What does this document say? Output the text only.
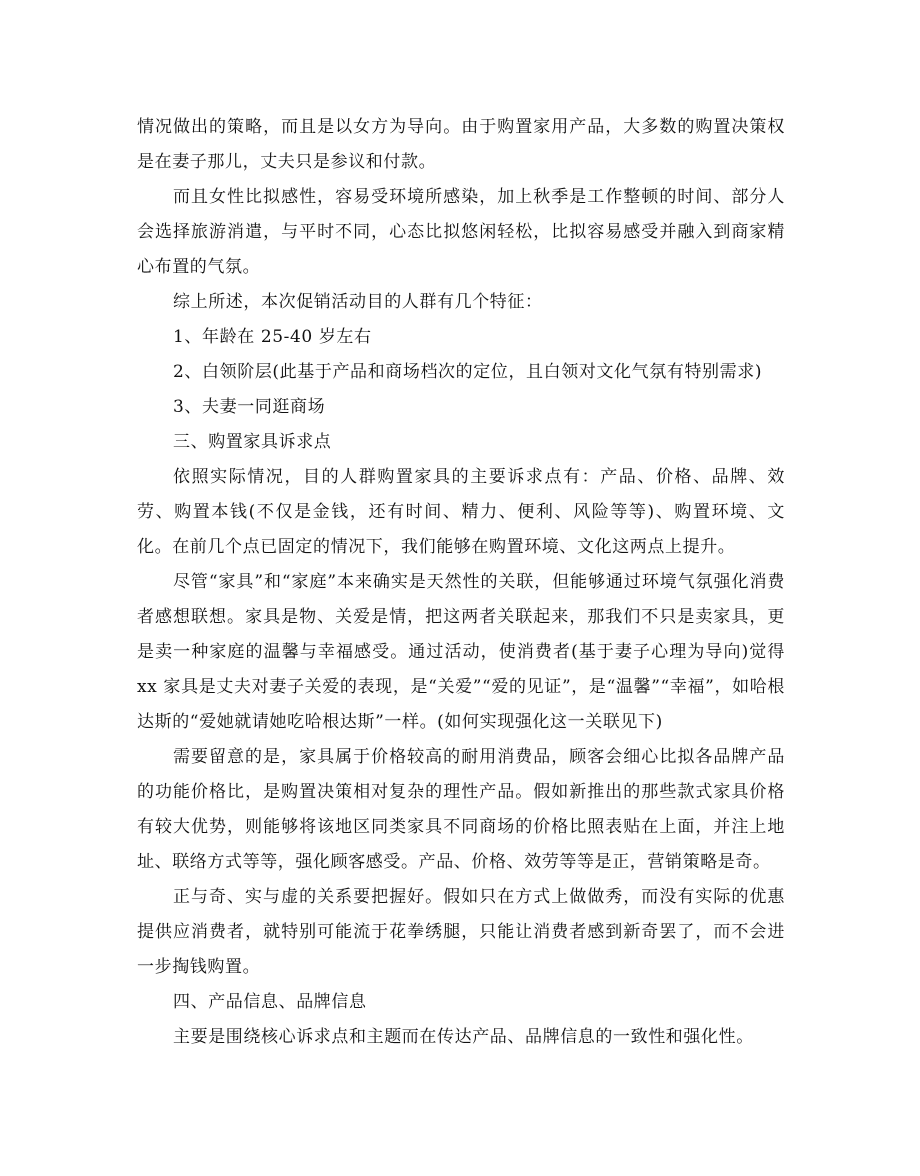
情况做出的策略，而且是以女方为导向。由于购置家用产品，大多数的购置决策权是在妻子那儿，丈夫只是参议和付款。

而且女性比拟感性，容易受环境所感染，加上秋季是工作整顿的时间、部分人会选择旅游消遣，与平时不同，心态比拟悠闲轻松，比拟容易感受并融入到商家精心布置的气氛。

综上所述，本次促销活动目的人群有几个特征：

1、年龄在 25-40 岁左右

2、白领阶层(此基于产品和商场档次的定位，且白领对文化气氛有特别需求)

3、夫妻一同逛商场

三、购置家具诉求点

依照实际情况，目的人群购置家具的主要诉求点有：产品、价格、品牌、效劳、购置本钱(不仅是金钱，还有时间、精力、便利、风险等等)、购置环境、文化。在前几个点已固定的情况下，我们能够在购置环境、文化这两点上提升。

尽管“家具”和“家庭”本来确实是天然性的关联，但能够通过环境气氛强化消费者感想联想。家具是物、关爱是情，把这两者关联起来，那我们不只是卖家具，更是卖一种家庭的温馨与幸福感受。通过活动，使消费者(基于妻子心理为导向)觉得 xx 家具是丈夫对妻子关爱的表现，是“关爱”“爱的见证”，是“温馨”“幸福”，如哈根达斯的“爱她就请她吃哈根达斯”一样。(如何实现强化这一关联见下)

需要留意的是，家具属于价格较高的耐用消费品，顾客会细心比拟各品牌产品的功能价格比，是购置决策相对复杂的理性产品。假如新推出的那些款式家具价格有较大优势，则能够将该地区同类家具不同商场的价格比照表贴在上面，并注上地址、联络方式等等，强化顾客感受。产品、价格、效劳等等是正，营销策略是奇。

正与奇、实与虚的关系要把握好。假如只在方式上做做秀，而没有实际的优惠提供应消费者，就特别可能流于花拳绣腿，只能让消费者感到新奇罢了，而不会进一步掏钱购置。

四、产品信息、品牌信息

主要是围绕核心诉求点和主题而在传达产品、品牌信息的一致性和强化性。
